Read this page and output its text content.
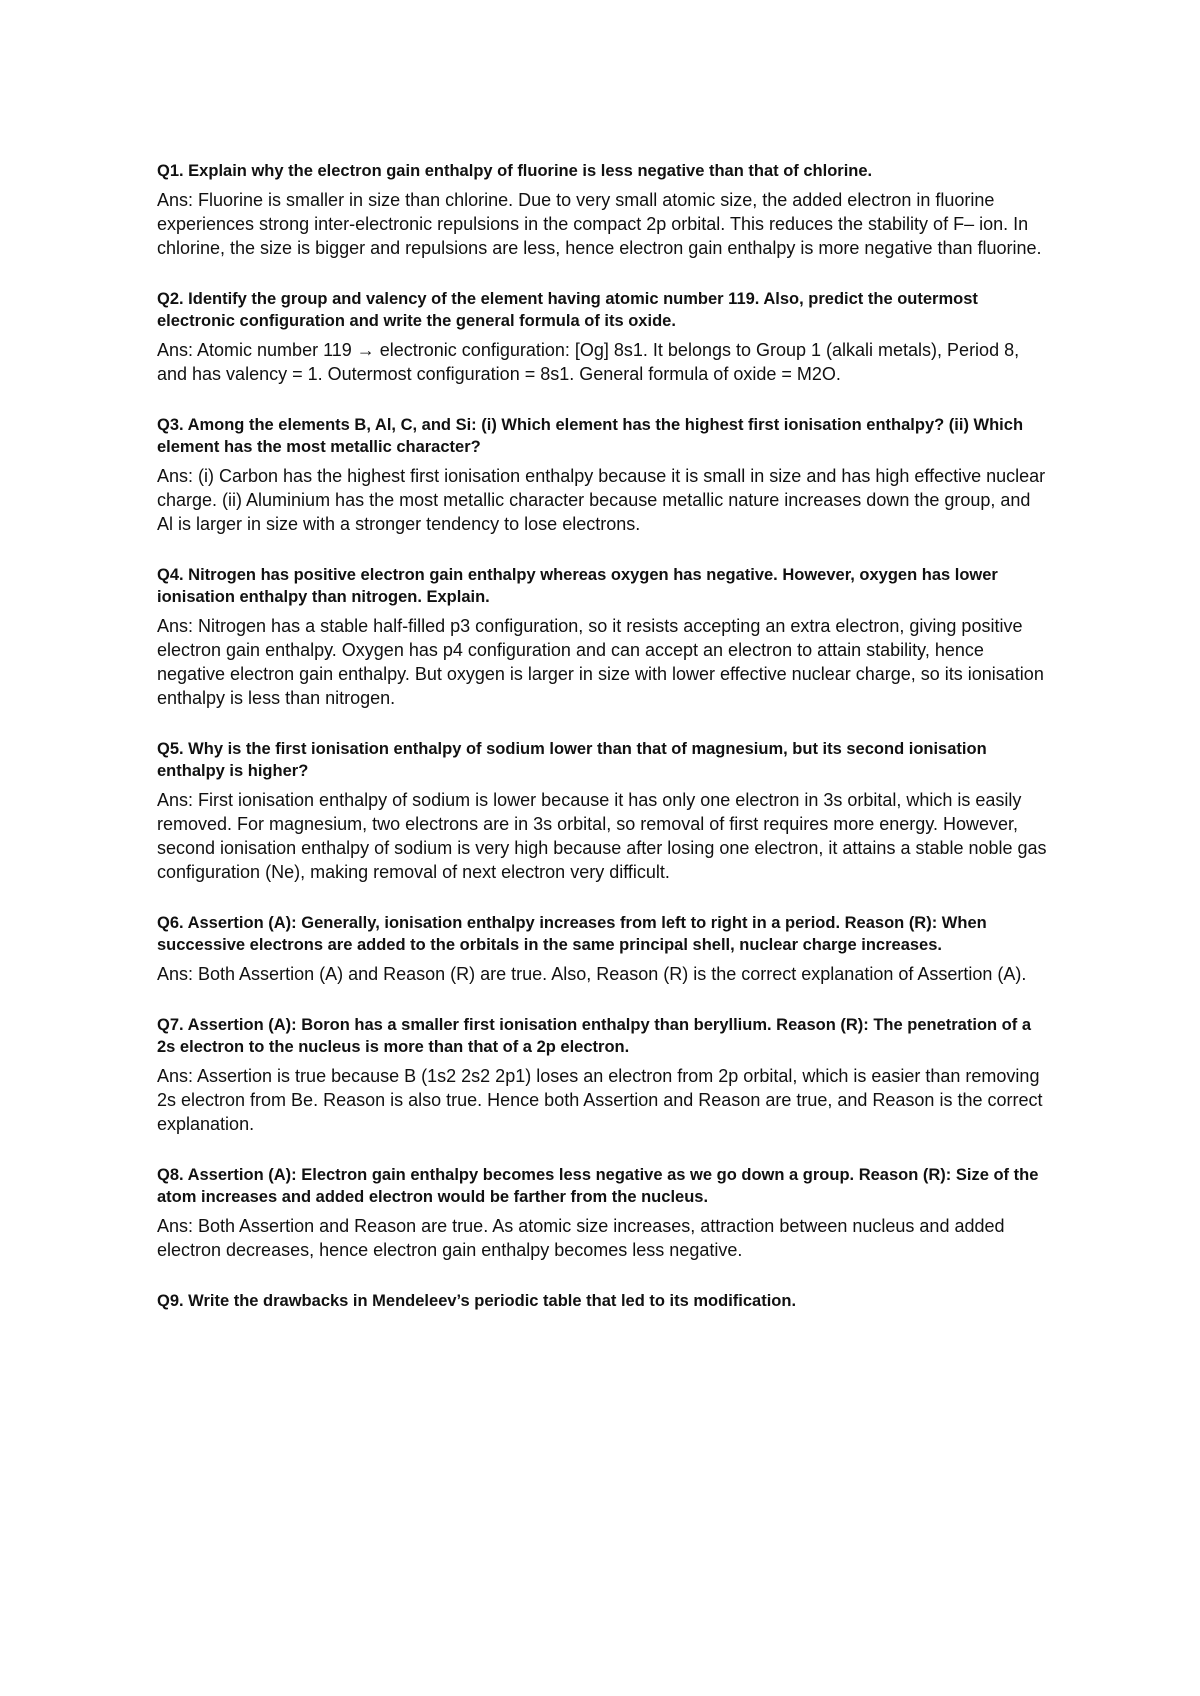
Q1. Explain why the electron gain enthalpy of fluorine is less negative than that of chlorine.

Ans: Fluorine is smaller in size than chlorine. Due to very small atomic size, the added electron in fluorine experiences strong inter-electronic repulsions in the compact 2p orbital. This reduces the stability of F– ion. In chlorine, the size is bigger and repulsions are less, hence electron gain enthalpy is more negative than fluorine.

Q2. Identify the group and valency of the element having atomic number 119. Also, predict the outermost electronic configuration and write the general formula of its oxide.

Ans: Atomic number 119 → electronic configuration: [Og] 8s1. It belongs to Group 1 (alkali metals), Period 8, and has valency = 1. Outermost configuration = 8s1. General formula of oxide = M2O.

Q3. Among the elements B, Al, C, and Si: (i) Which element has the highest first ionisation enthalpy? (ii) Which element has the most metallic character?

Ans: (i) Carbon has the highest first ionisation enthalpy because it is small in size and has high effective nuclear charge. (ii) Aluminium has the most metallic character because metallic nature increases down the group, and Al is larger in size with a stronger tendency to lose electrons.

Q4. Nitrogen has positive electron gain enthalpy whereas oxygen has negative. However, oxygen has lower ionisation enthalpy than nitrogen. Explain.

Ans: Nitrogen has a stable half-filled p3 configuration, so it resists accepting an extra electron, giving positive electron gain enthalpy. Oxygen has p4 configuration and can accept an electron to attain stability, hence negative electron gain enthalpy. But oxygen is larger in size with lower effective nuclear charge, so its ionisation enthalpy is less than nitrogen.

Q5. Why is the first ionisation enthalpy of sodium lower than that of magnesium, but its second ionisation enthalpy is higher?

Ans: First ionisation enthalpy of sodium is lower because it has only one electron in 3s orbital, which is easily removed. For magnesium, two electrons are in 3s orbital, so removal of first requires more energy. However, second ionisation enthalpy of sodium is very high because after losing one electron, it attains a stable noble gas configuration (Ne), making removal of next electron very difficult.

Q6. Assertion (A): Generally, ionisation enthalpy increases from left to right in a period. Reason (R): When successive electrons are added to the orbitals in the same principal shell, nuclear charge increases.

Ans: Both Assertion (A) and Reason (R) are true. Also, Reason (R) is the correct explanation of Assertion (A).

Q7. Assertion (A): Boron has a smaller first ionisation enthalpy than beryllium. Reason (R): The penetration of a 2s electron to the nucleus is more than that of a 2p electron.

Ans: Assertion is true because B (1s2 2s2 2p1) loses an electron from 2p orbital, which is easier than removing 2s electron from Be. Reason is also true. Hence both Assertion and Reason are true, and Reason is the correct explanation.

Q8. Assertion (A): Electron gain enthalpy becomes less negative as we go down a group. Reason (R): Size of the atom increases and added electron would be farther from the nucleus.

Ans: Both Assertion and Reason are true. As atomic size increases, attraction between nucleus and added electron decreases, hence electron gain enthalpy becomes less negative.

Q9. Write the drawbacks in Mendeleev’s periodic table that led to its modification.
